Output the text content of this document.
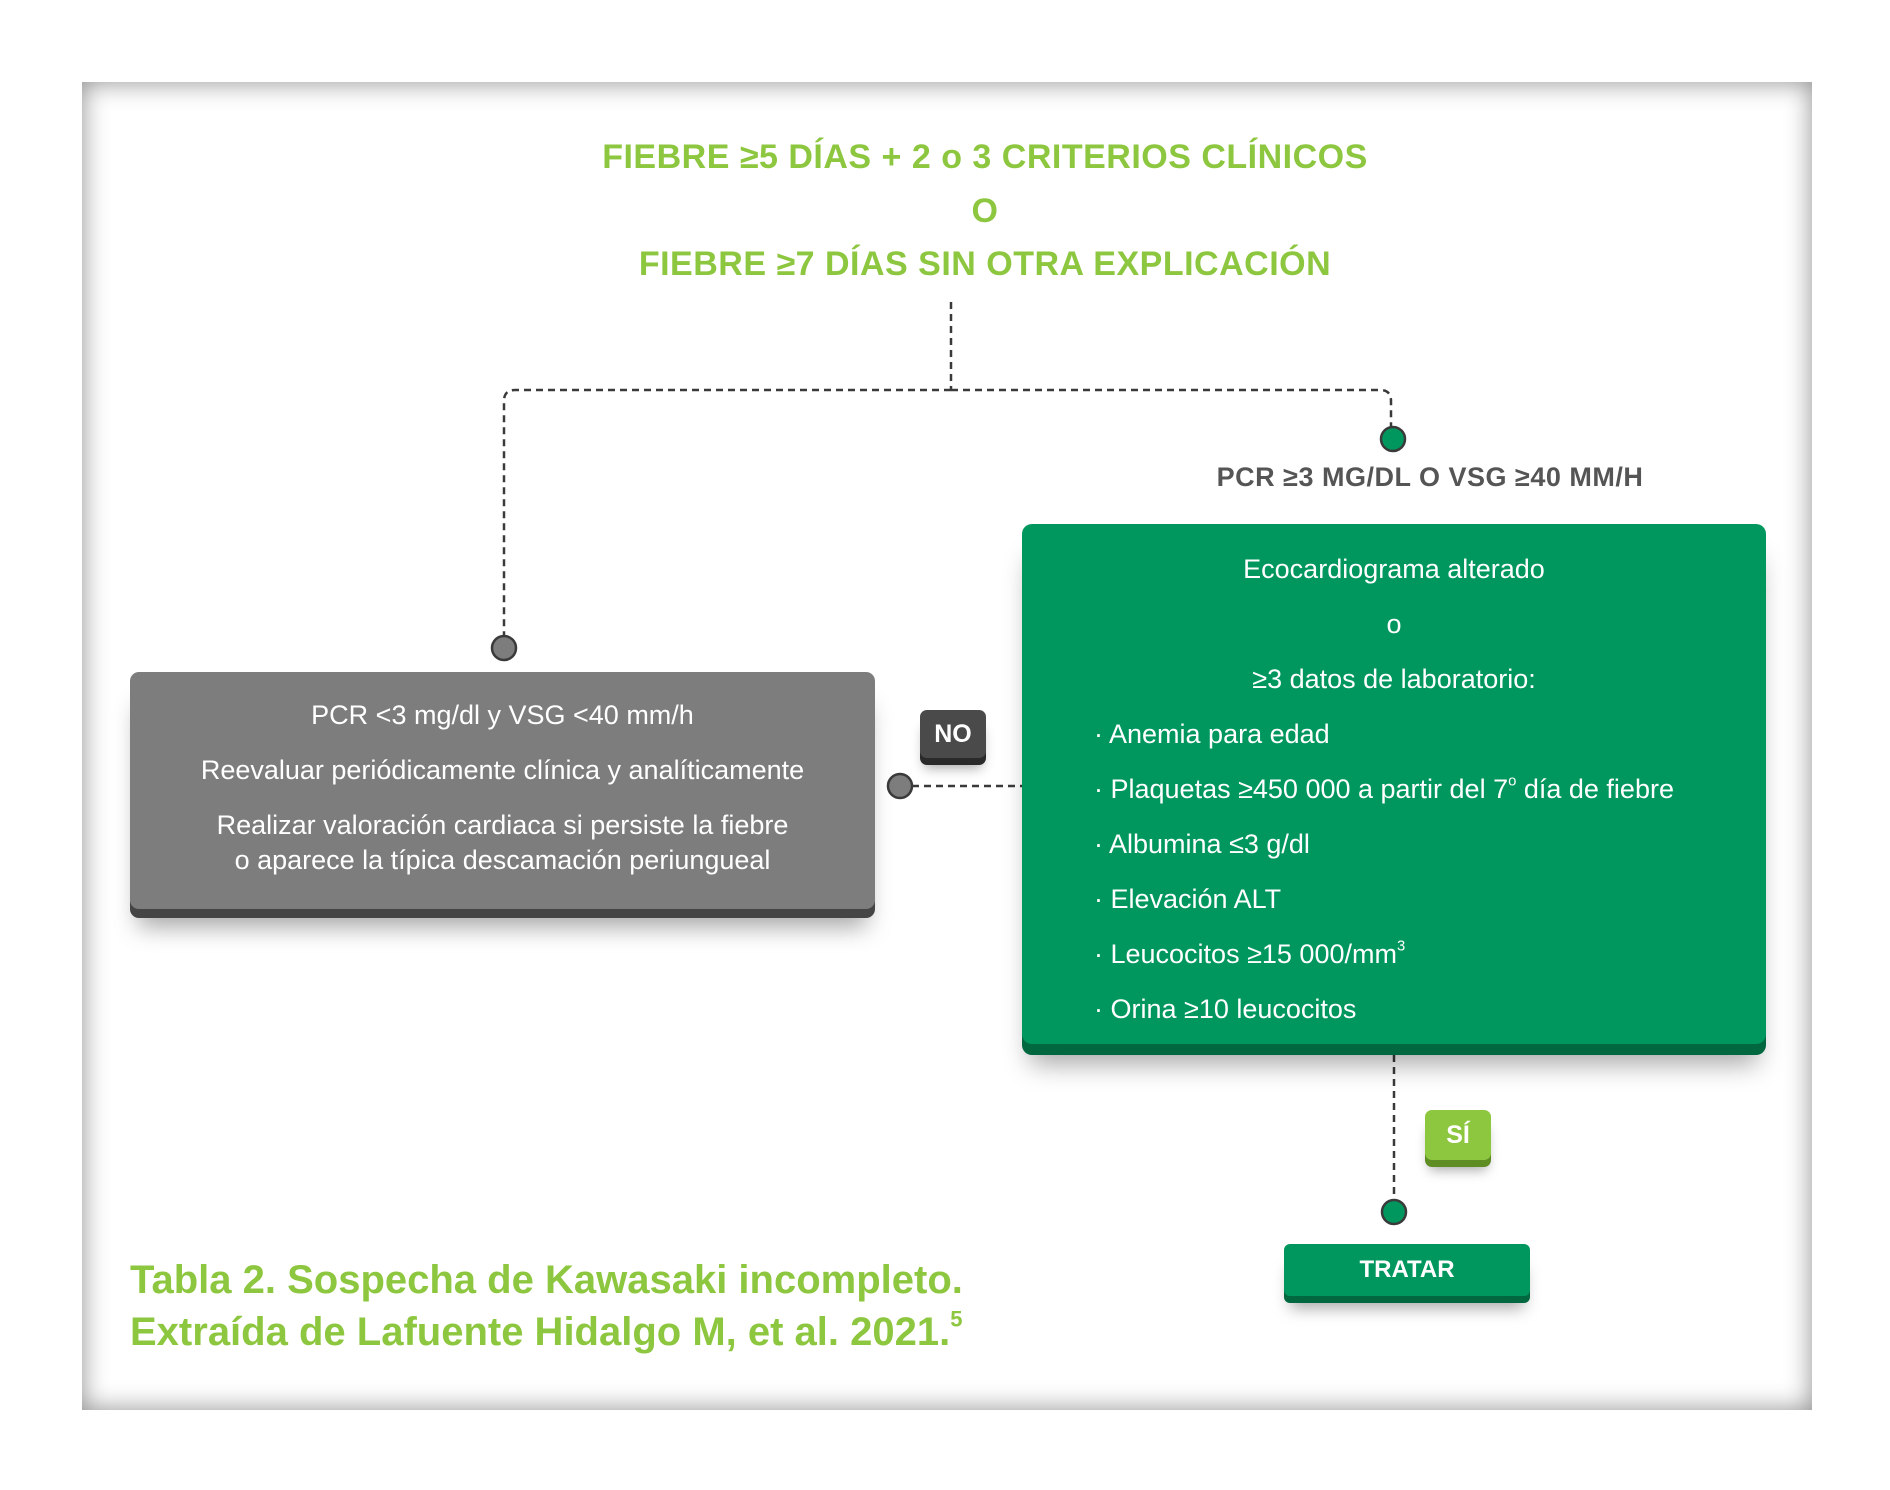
FIEBRE ≥5 DÍAS + 2 o 3 CRITERIOS CLÍNICOS
O
FIEBRE ≥7 DÍAS SIN OTRA EXPLICACIÓN
PCR ≥3 MG/DL O VSG ≥40 MM/H
PCR <3 mg/dl y VSG <40 mm/h
Reevaluar periódicamente clínica y analíticamente
Realizar valoración cardiaca si persiste la fiebre
o aparece la típica descamación periungueal
Ecocardiograma alterado
o
≥3 datos de laboratorio:
· Anemia para edad
· Plaquetas ≥450 000 a partir del 7$^o$ día de fiebre
· Albumina ≤3 g/dl
· Elevación ALT
· Leucocitos ≥15 $000/mm^3$
· Orina ≥10 leucocitos
NO
SÍ
TRATAR
Tabla 2. Sospecha de Kawasaki incompleto.
Extraída de Lafuente Hidalgo M, et al. 2021.$^5$
